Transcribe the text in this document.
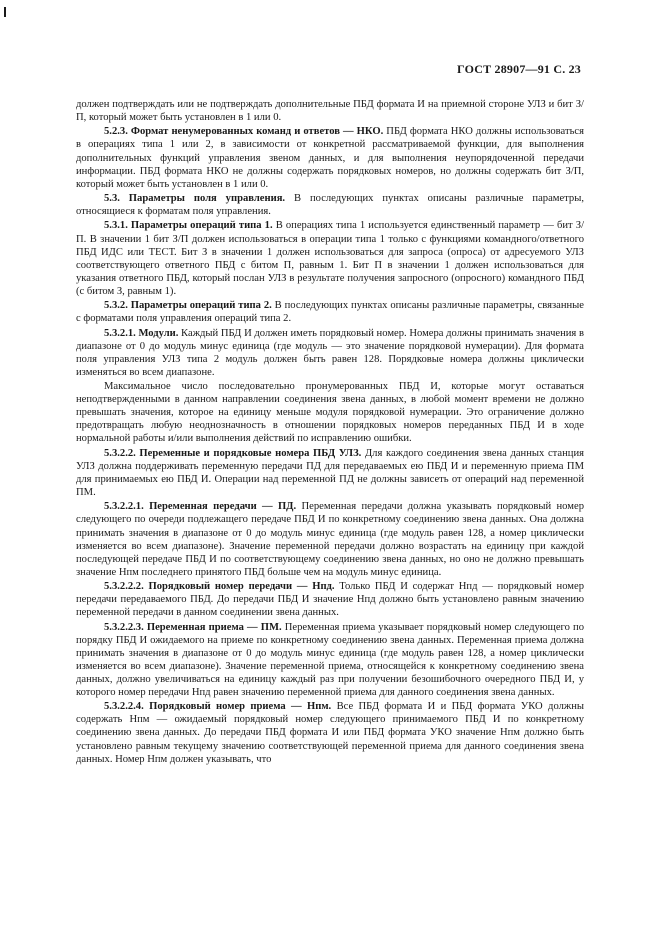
ГОСТ 28907—91 С. 23

должен подтверждать или не подтверждать дополнительные ПБД формата И на приемной стороне УЛЗ и бит З/П, который может быть установлен в 1 или 0.

5.2.3. Формат ненумерованных команд и ответов — НКО. ПБД формата НКО должны использоваться в операциях типа 1 или 2, в зависимости от конкретной рассматриваемой функции, для выполнения дополнительных функций управления звеном данных, и для выполнения неупорядоченной передачи информации. ПБД формата НКО не должны содержать порядковых номеров, но должны содержать бит З/П, который может быть установлен в 1 или 0.

5.3. Параметры поля управления. В последующих пунктах описаны различные параметры, относящиеся к форматам поля управления.

5.3.1. Параметры операций типа 1. В операциях типа 1 используется единственный параметр — бит З/П. В значении 1 бит З/П должен использоваться в операции типа 1 только с функциями командного/ответного ПБД ИДС или ТЕСТ. Бит З в значении 1 должен использоваться для запроса (опроса) от адресуемого УЛЗ соответствующего ответного ПБД с битом П, равным 1. Бит П в значении 1 должен использоваться для указания ответного ПБД, который послан УЛЗ в результате получения запросного (опросного) командного ПБД (с битом З, равным 1).

5.3.2. Параметры операций типа 2. В последующих пунктах описаны различные параметры, связанные с форматами поля управления операций типа 2.

5.3.2.1. Модули. Каждый ПБД И должен иметь порядковый номер. Номера должны принимать значения в диапазоне от 0 до модуль минус единица (где модуль — это значение порядковой нумерации). Для формата поля управления УЛЗ типа 2 модуль должен быть равен 128. Порядковые номера должны циклически изменяться во всем диапазоне.

Максимальное число последовательно пронумерованных ПБД И, которые могут оставаться неподтвержденными в данном направлении соединения звена данных, в любой момент времени не должно превышать значения, которое на единицу меньше модуля порядковой нумерации. Это ограничение должно предотвращать любую неоднозначность в отношении порядковых номеров переданных ПБД И в ходе нормальной работы и/или выполнения действий по исправлению ошибки.

5.3.2.2. Переменные и порядковые номера ПБД УЛЗ. Для каждого соединения звена данных станция УЛЗ должна поддерживать переменную передачи ПД для передаваемых ею ПБД И и переменную приема ПМ для принимаемых ею ПБД И. Операции над переменной ПД не должны зависеть от операций над переменной ПМ.

5.3.2.2.1. Переменная передачи — ПД. Переменная передачи должна указывать порядковый номер следующего по очереди подлежащего передаче ПБД И по конкретному соединению звена данных. Она должна принимать значения в диапазоне от 0 до модуль минус единица (где модуль равен 128, а номер циклически изменяется во всем диапазоне). Значение переменной передачи должно возрастать на единицу при каждой последующей передаче ПБД И по соответствующему соединению звена данных, но оно не должно превышать значение Нпм последнего принятого ПБД больше чем на модуль минус единица.

5.3.2.2.2. Порядковый номер передачи — Нпд. Только ПБД И содержат Нпд — порядковый номер передачи передаваемого ПБД. До передачи ПБД И значение Нпд должно быть установлено равным значению переменной передачи в данном соединении звена данных.

5.3.2.2.3. Переменная приема — ПМ. Переменная приема указывает порядковый номер следующего по порядку ПБД И ожидаемого на приеме по конкретному соединению звена данных. Переменная приема должна принимать значения в диапазоне от 0 до модуль минус единица (где модуль равен 128, а номер циклически изменяется во всем диапазоне). Значение переменной приема, относящейся к конкретному соединению звена данных, должно увеличиваться на единицу каждый раз при получении безошибочного очередного ПБД И, у которого номер передачи Нпд равен значению переменной приема для данного соединения звена данных.

5.3.2.2.4. Порядковый номер приема — Нпм. Все ПБД формата И и ПБД формата УКО должны содержать Нпм — ожидаемый порядковый номер следующего принимаемого ПБД И по конкретному соединению звена данных. До передачи ПБД формата И или ПБД формата УКО значение Нпм должно быть установлено равным текущему значению соответствующей переменной приема для данного соединения звена данных. Номер Нпм должен указывать, что
